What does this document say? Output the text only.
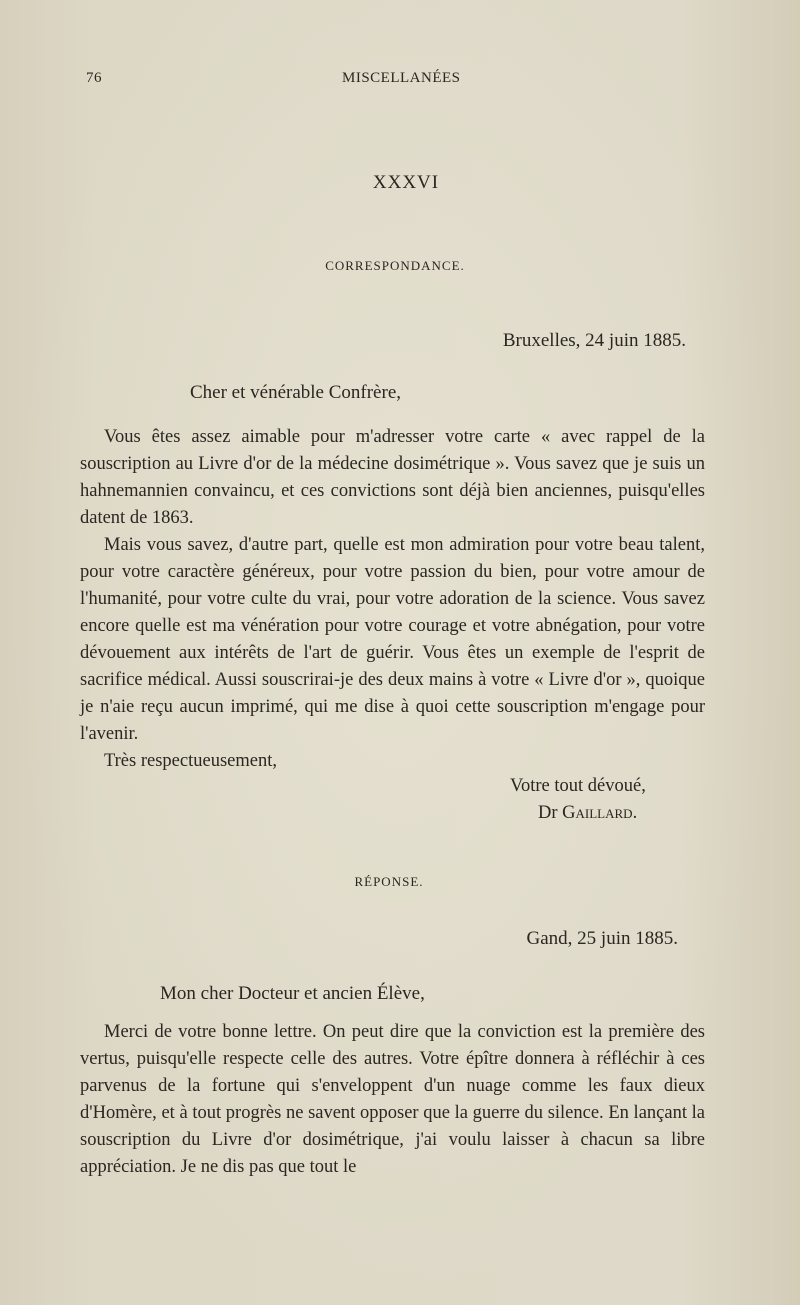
76	MISCELLANÉES
XXXVI
CORRESPONDANCE.
Bruxelles, 24 juin 1885.
Cher et vénérable Confrère,

Vous êtes assez aimable pour m'adresser votre carte « avec rappel de la souscription au Livre d'or de la médecine dosimétrique ». Vous savez que je suis un hahnemannien convaincu, et ces convictions sont déjà bien anciennes, puisqu'elles datent de 1863.

Mais vous savez, d'autre part, quelle est mon admiration pour votre beau talent, pour votre caractère généreux, pour votre passion du bien, pour votre amour de l'humanité, pour votre culte du vrai, pour votre adoration de la science. Vous savez encore quelle est ma vénération pour votre courage et votre abnégation, pour votre dévouement aux intérêts de l'art de guérir. Vous êtes un exemple de l'esprit de sacrifice médical. Aussi souscrirai-je des deux mains à votre « Livre d'or », quoique je n'aie reçu aucun imprimé, qui me dise à quoi cette souscription m'engage pour l'avenir.

Très respectueusement,

Votre tout dévoué,
Dr Gaillard.
RÉPONSE.
Gand, 25 juin 1885.
Mon cher Docteur et ancien Élève,

Merci de votre bonne lettre. On peut dire que la conviction est la première des vertus, puisqu'elle respecte celle des autres. Votre épître donnera à réfléchir à ces parvenus de la fortune qui s'enveloppent d'un nuage comme les faux dieux d'Homère, et à tout progrès ne savent opposer que la guerre du silence. En lançant la souscription du Livre d'or dosimétrique, j'ai voulu laisser à chacun sa libre appréciation. Je ne dis pas que tout le
